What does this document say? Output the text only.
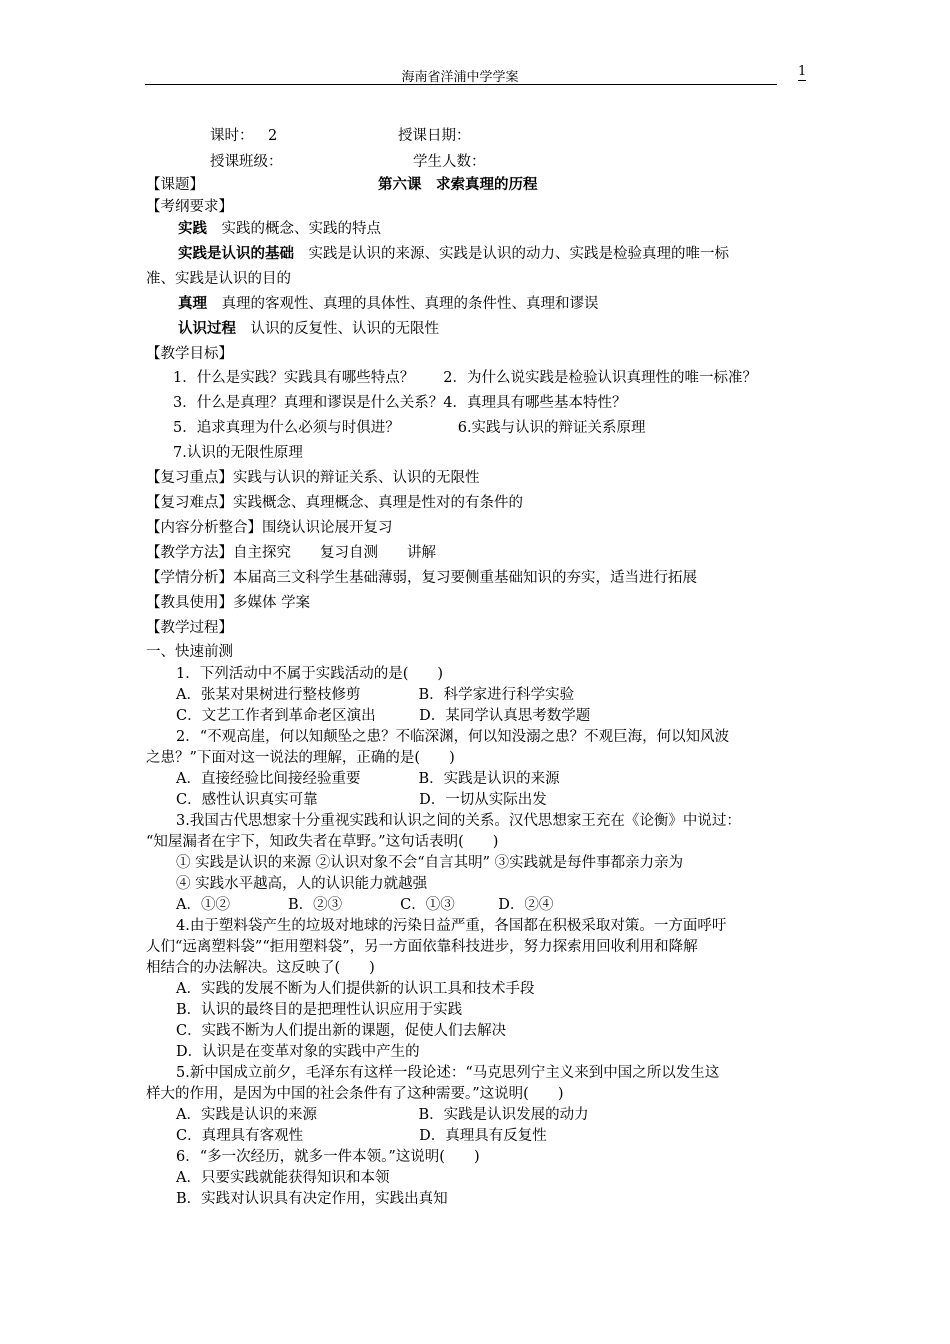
海南省洋浦中学学案	1
课时： 2	授课日期：
授课班级：	学生人数：
【课题】	第六课　求索真理的历程
【考纲要求】
实践　实践的概念、实践的特点
实践是认识的基础　实践是认识的来源、实践是认识的动力、实践是检验真理的唯一标
准、实践是认识的目的
真理　真理的客观性、真理的具体性、真理的条件性、真理和谬误
认识过程　认识的反复性、认识的无限性
【教学目标】
1．什么是实践？实践具有哪些特点？　　2．为什么说实践是检验认识真理性的唯一标准？
3．什么是真理？真理和谬误是什么关系？4．真理具有哪些基本特性？
5．追求真理为什么必须与时俱进？　　　　6.实践与认识的辩证关系原理
7.认识的无限性原理
【复习重点】实践与认识的辩证关系、认识的无限性
【复习难点】实践概念、真理概念、真理是性对的有条件的
【内容分析整合】围绕认识论展开复习
【教学方法】自主探究　　复习自测　　讲解
【学情分析】本届高三文科学生基础薄弱，复习要侧重基础知识的夯实，适当进行拓展
【教具使用】多媒体 学案
【教学过程】
一、快速前测
1．下列活动中不属于实践活动的是(　　)
A．张某对果树进行整枝修剪　　　　B．科学家进行科学实验
C．文艺工作者到革命老区演出　　　D．某同学认真思考数学题
2．“不观高崖，何以知颠坠之患？不临深渊，何以知没溺之患？不观巨海，何以知风波
之患？”下面对这一说法的理解，正确的是(　　)
A．直接经验比间接经验重要　　　　B．实践是认识的来源
C．感性认识真实可靠　　　　　　　D．一切从实际出发
3.我国古代思想家十分重视实践和认识之间的关系。汉代思想家王充在《论衡》中说过：
“知屋漏者在宇下，知政失者在草野。”这句话表明(　　)
① 实践是认识的来源 ②认识对象不会“自言其明” ③实践就是每件事都亲力亲为
④ 实践水平越高，人的认识能力就越强
A．①②　　　　B．②③　　　　C．①③　　　D．②④
4.由于塑料袋产生的垃圾对地球的污染日益严重，各国都在积极采取对策。一方面呼吁
人们“远离塑料袋”“拒用塑料袋”，另一方面依靠科技进步，努力探索用回收利用和降解
相结合的办法解决。这反映了(　　)
A．实践的发展不断为人们提供新的认识工具和技术手段
B．认识的最终目的是把理性认识应用于实践
C．实践不断为人们提出新的课题，促使人们去解决
D．认识是在变革对象的实践中产生的
5.新中国成立前夕，毛泽东有这样一段论述：“马克思列宁主义来到中国之所以发生这
样大的作用，是因为中国的社会条件有了这种需要。”这说明(　　)
A．实践是认识的来源　　　　　　　B．实践是认识发展的动力
C．真理具有客观性　　　　　　　　D．真理具有反复性
6．“多一次经历，就多一件本领。”这说明(　　)
A．只要实践就能获得知识和本领
B．实践对认识具有决定作用，实践出真知
